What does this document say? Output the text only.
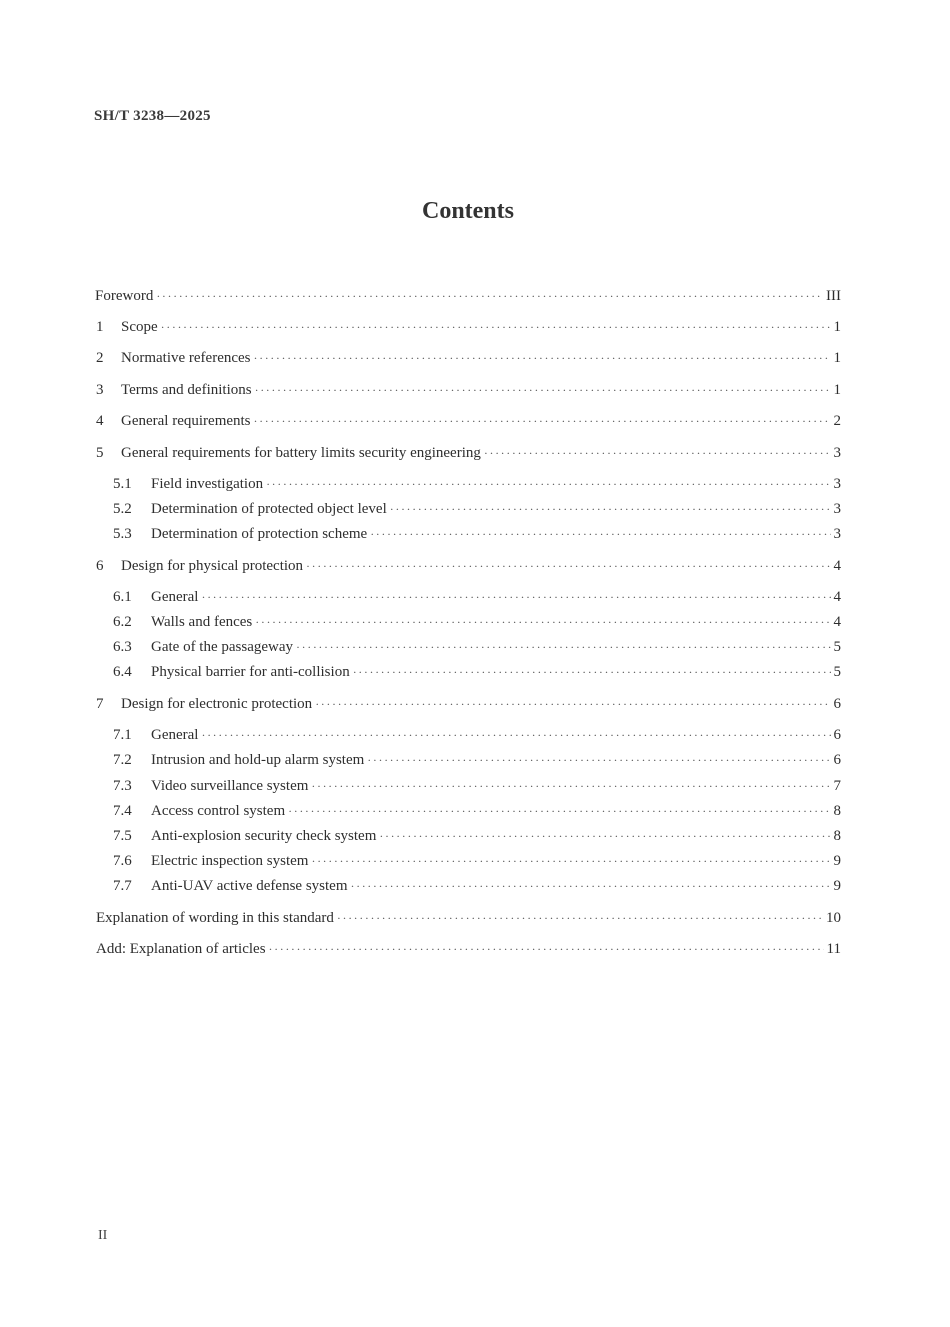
SH/T 3238—2025
Contents
Foreword ·····	III
1	Scope ·····	1
2	Normative references ·····	1
3	Terms and definitions ·····	1
4	General requirements ·····	2
5	General requirements for battery limits security engineering ·····	3
5.1	Field investigation ·····	3
5.2	Determination of protected object level ·····	3
5.3	Determination of protection scheme ·····	3
6	Design for physical protection ·····	4
6.1	General ·····	4
6.2	Walls and fences ·····	4
6.3	Gate of the passageway ·····	5
6.4	Physical barrier for anti-collision ·····	5
7	Design for electronic protection ·····	6
7.1	General ·····	6
7.2	Intrusion and hold-up alarm system ·····	6
7.3	Video surveillance system ·····	7
7.4	Access control system ·····	8
7.5	Anti-explosion security check system ·····	8
7.6	Electric inspection system ·····	9
7.7	Anti-UAV active defense system ·····	9
Explanation of wording in this standard ·····	10
Add: Explanation of articles ·····	11
II
